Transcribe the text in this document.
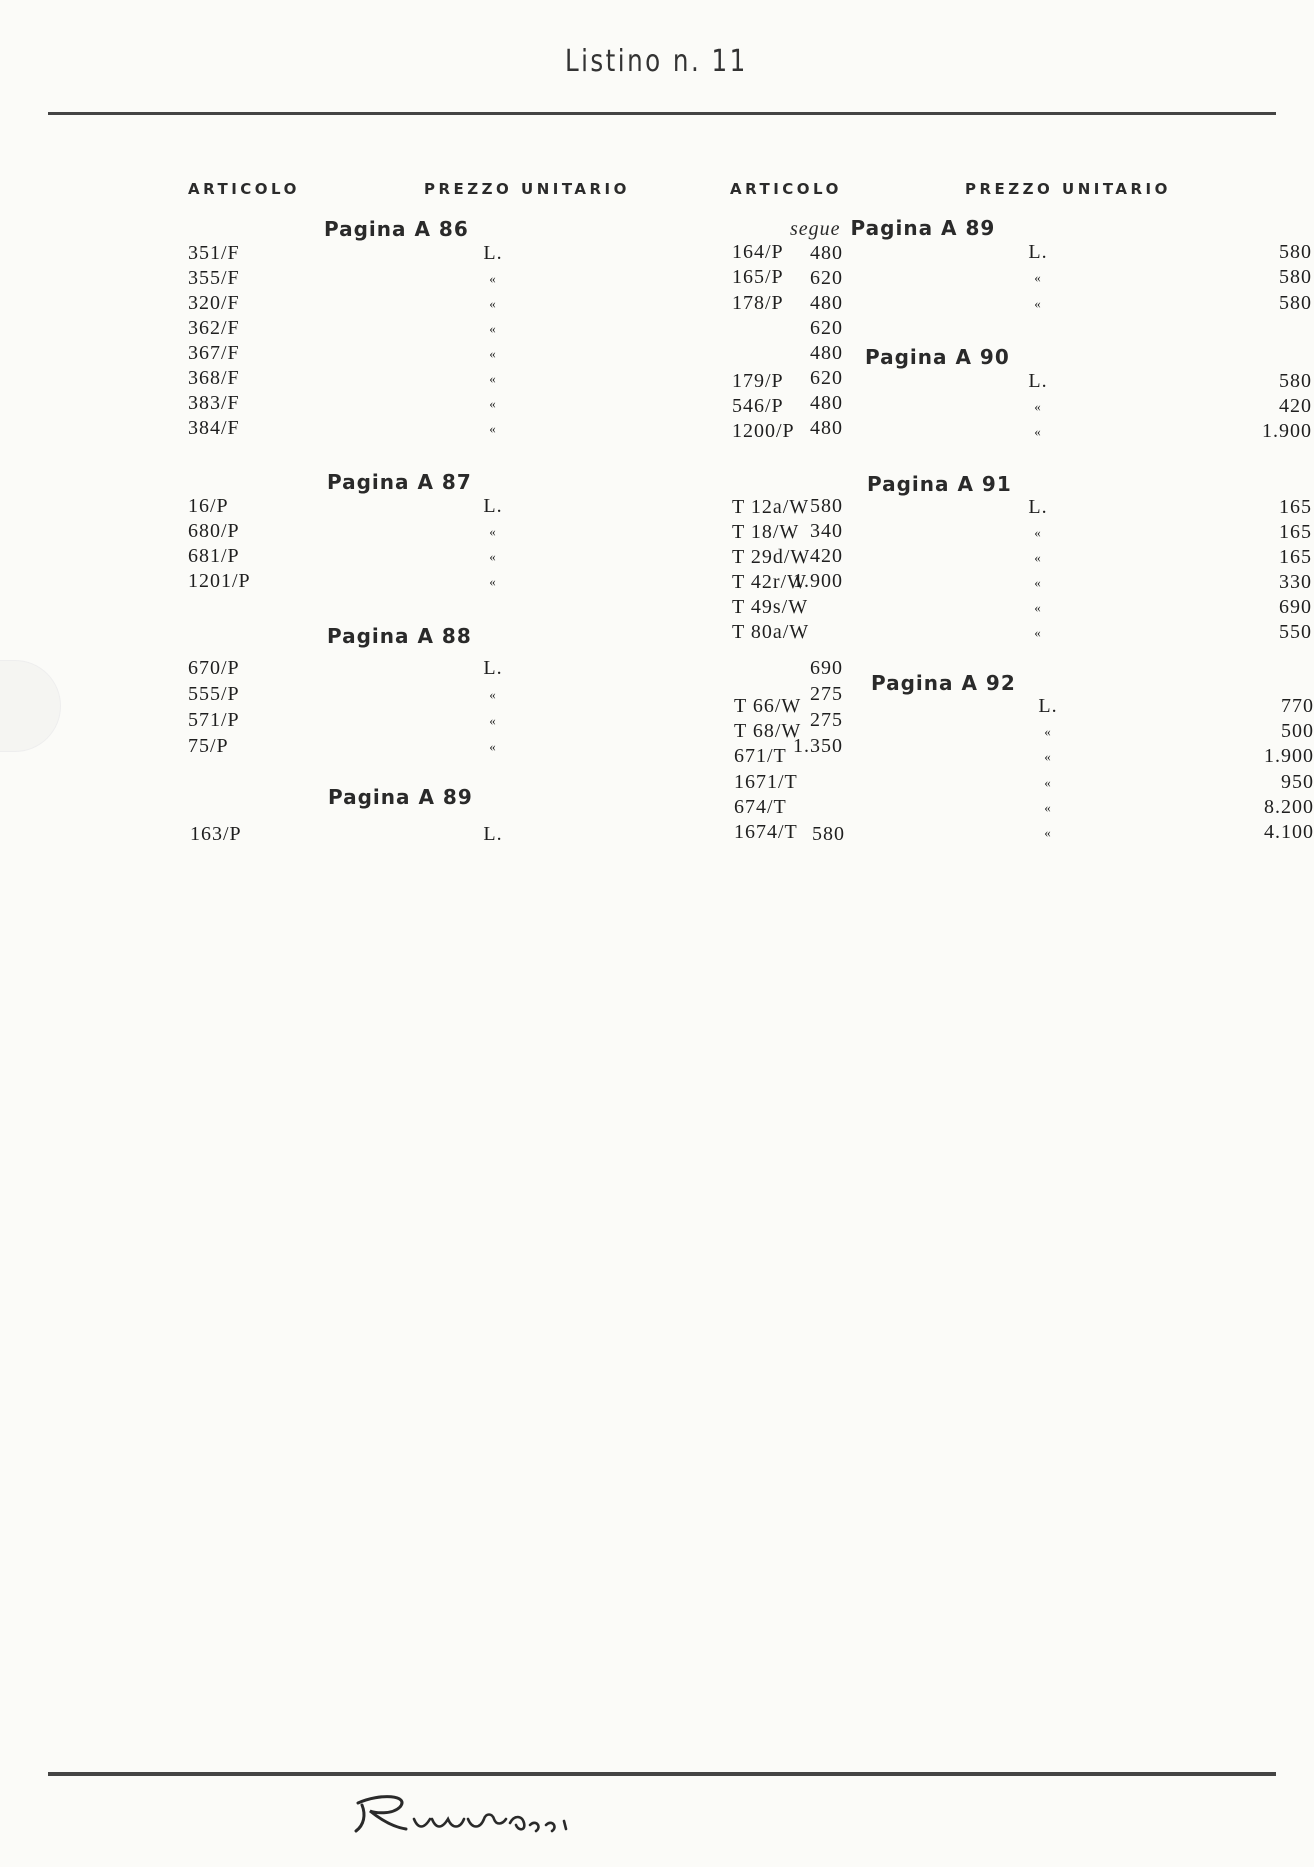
Listino n. 11
ARTICOLO	PREZZO UNITARIO	ARTICOLO	PREZZO UNITARIO
Pagina A 86
351/F	L.	480
355/F	«	620
320/F	«	480
362/F	«	620
367/F	«	480
368/F	«	620
383/F	«	480
384/F	«	480
Pagina A 87
16/P	L.	580
680/P	«	340
681/P	«	420
1201/P	«	1.900
Pagina A 88
670/P	L.	690
555/P	«	275
571/P	«	275
75/P	«	1.350
Pagina A 89
163/P	L.	580
segue Pagina A 89
164/P	L.	580
165/P	«	580
178/P	«	580
Pagina A 90
179/P	L.	580
546/P	«	420
1200/P	«	1.900
Pagina A 91
T 12a/W	L.	165
T 18/W	«	165
T 29d/W	«	165
T 42r/W	«	330
T 49s/W	«	690
T 80a/W	«	550
Pagina A 92
T 66/W	L.	770
T 68/W	«	500
671/T	«	1.900
1671/T	«	950
674/T	«	8.200
1674/T	«	4.100
